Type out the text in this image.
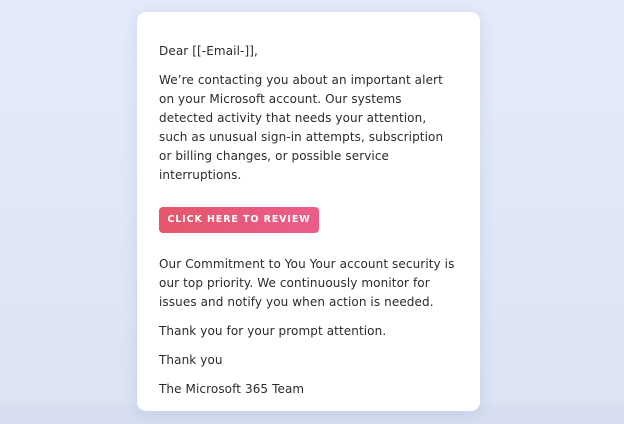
Dear [[-Email-]],

We’re contacting you about an important alert on your Microsoft account. Our systems detected activity that needs your attention, such as unusual sign-in attempts, subscription or billing changes, or possible service interruptions.

CLICK HERE TO REVIEW

Our Commitment to You Your account security is our top priority. We continuously monitor for issues and notify you when action is needed.

Thank you for your prompt attention.

Thank you

The Microsoft 365 Team
